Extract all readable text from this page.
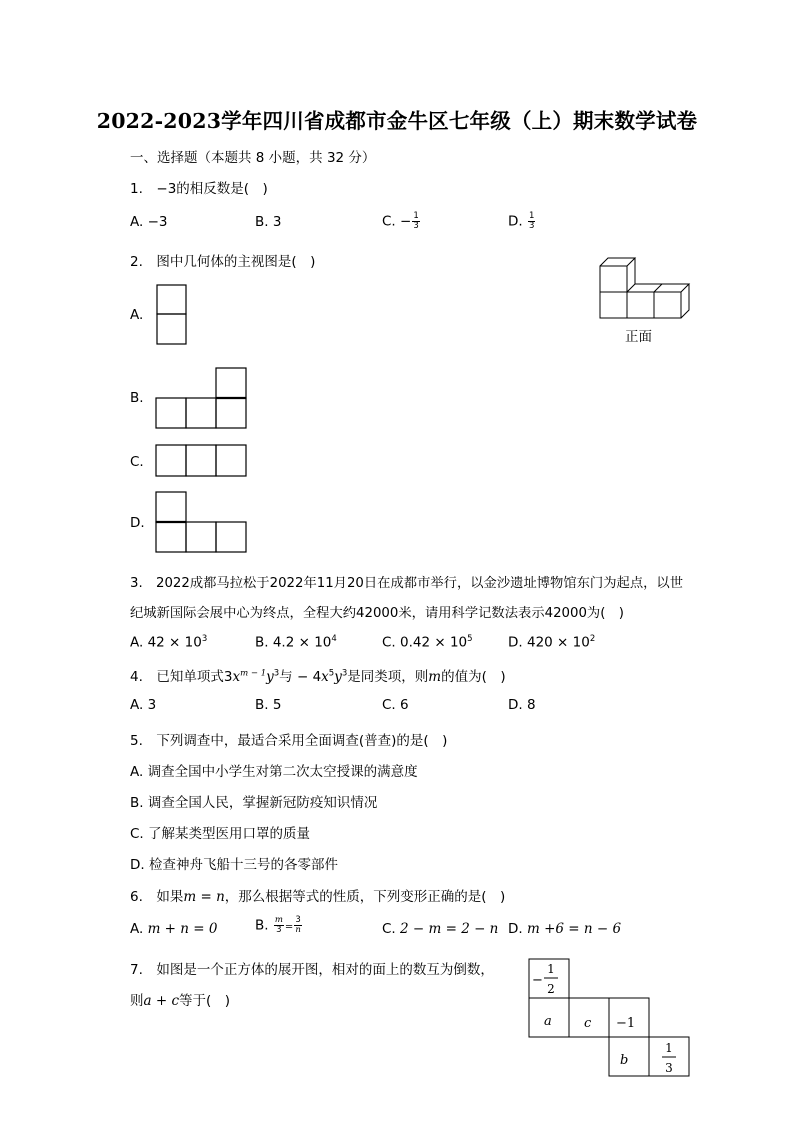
2022-2023学年四川省成都市金牛区七年级（上）期末数学试卷
一、选择题（本题共 8 小题，共 32 分）
1.　−3的相反数是(　)
A. −3	B. 3	C. − $\frac{1}{3}$	D. $\frac{1}{3}$
2.　图中几何体的主视图是(　)
正面
A.
B.
C.
D.
3.　2022成都马拉松于2022年11月20日在成都市举行，以金沙遗址博物馆东门为起点，以世
纪城新国际会展中心为终点，全程大约42000米，请用科学记数法表示42000为(　)
A. $42 \times 10^3$	B. $4.2 \times 10^4$	C. $0.42 \times 10^5$	D. $420 \times 10^2$
4.　已知单项式$3x^{m - 1}y^3$与 − $4x^5y^3$是同类项，则m的值为(　)
A. 3	B. 5	C. 6	D. 8
5.　下列调查中，最适合采用全面调查(普查)的是(　)
A. 调查全国中小学生对第二次太空授课的满意度
B. 调查全国人民，掌握新冠防疫知识情况
C. 了解某类型医用口罩的质量
D. 检查神舟飞船十三号的各零部件
6.　如果m = n，那么根据等式的性质，下列变形正确的是(　)
A. m + n = 0	B. $\frac{m}{3} = \frac{3}{n}$	C. 2 − m = 2 − n D. m +6 = n − 6
7.　如图是一个正方体的展开图，相对的面上的数互为倒数，
则a + c等于(　)
−
1
2
a c −1
b
1
3
